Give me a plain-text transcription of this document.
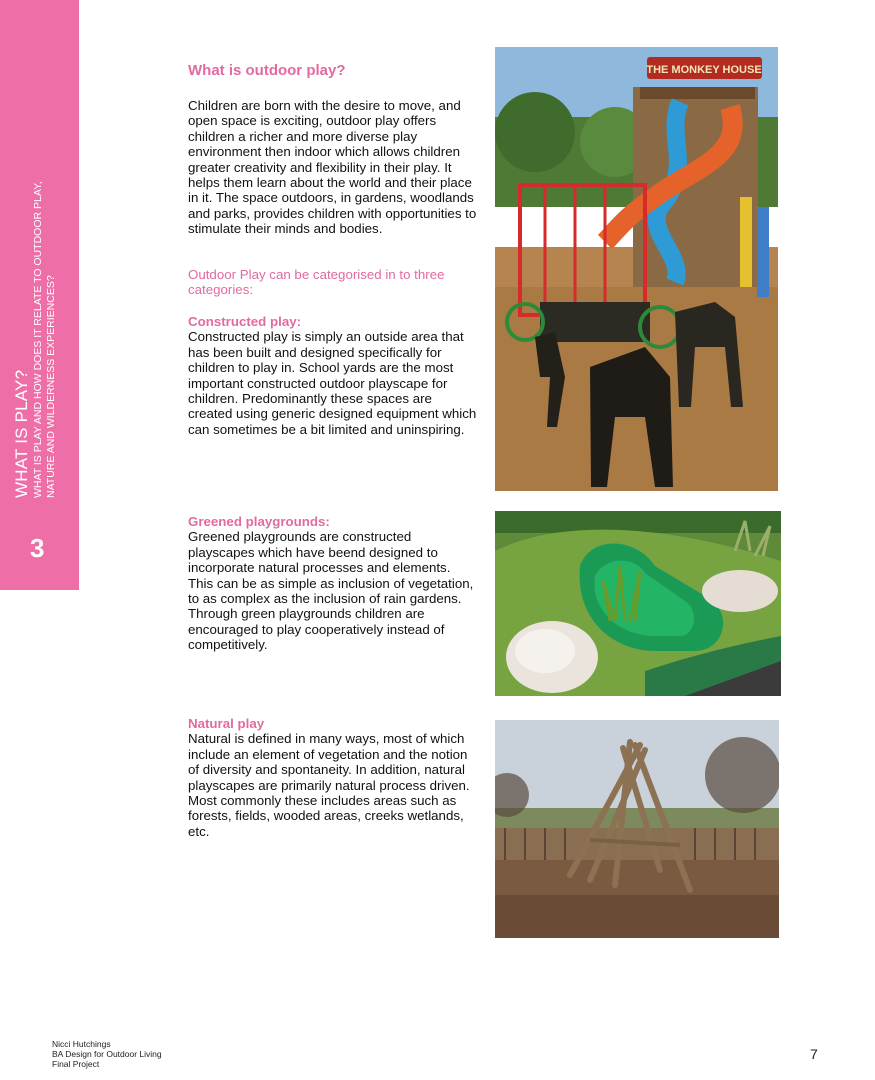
WHAT IS PLAY? WHAT IS PLAY AND HOW DOES IT RELATE TO OUTDOOR PLAY, NATURE AND WILDERNESS EXPERIENCES?
3
What is outdoor play?
Children are born with the desire to move, and open space is exciting, outdoor play offers children a richer and more diverse play environment then indoor which allows children greater creativity and flexibility in their play. It helps them learn about the world and their place in it. The space outdoors, in gardens, woodlands and parks, provides children with opportunities to stimulate their minds and bodies.
Outdoor Play can be categorised in to three categories:
Constructed play:
Constructed play is simply an outside area that has been built and designed specifically for children to play in. School yards are the most important constructed outdoor playscape for children. Predominantly these spaces are created using generic designed equipment which can sometimes be a bit limited and uninspiring.
Greened playgrounds:
Greened playgrounds are constructed playscapes which have beend designed to incorporate natural processes and elements. This can be as simple as inclusion of vegetation, to as complex as the inclusion of rain gardens. Through green playgrounds children are encouraged to play cooperatively instead of competitively.
Natural play
Natural is defined in many ways, most of which include an element of vegetation and the notion of diversity and spontaneity. In addition, natural playscapes are primarily natural process driven. Most commonly these includes areas such as forests, fields, wooded areas, creeks wetlands, etc.
THE MONKEY HOUSE
Nicci Hutchings
BA Design for Outdoor Living
Final Project
7
